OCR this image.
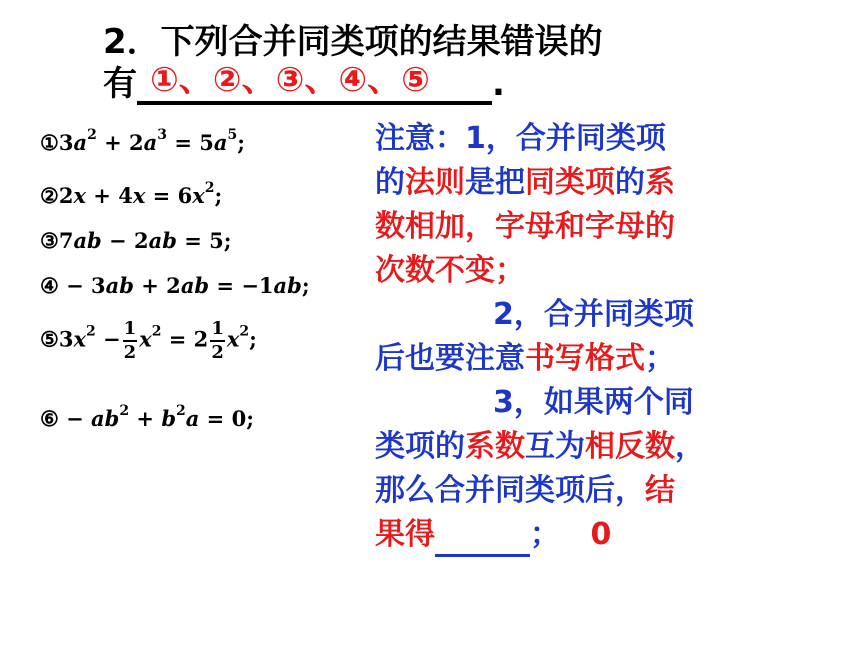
2．下列合并同类项的结果错误的
有	.
①、②、③、④、⑤
$①3a^2 + 2a^3 = 5a^5$;
②2x + $4x = 6x^2$;
③7ab − 2ab = 5;
④ − 3ab + 2ab = −1ab;
$⑤3x^2 - \frac{1}{2} x^2 = 2 \frac{1}{2} x^2$;
⑥ − $ab^2 + b^2a = 0$;
注意：1，合并同类项
的法则是把同类项的系
数相加，字母和字母的
次数不变；
2，合并同类项
后也要注意书写格式；
3，如果两个同
类项的系数互为相反数，
那么合并同类项后，结
果得	； 0
